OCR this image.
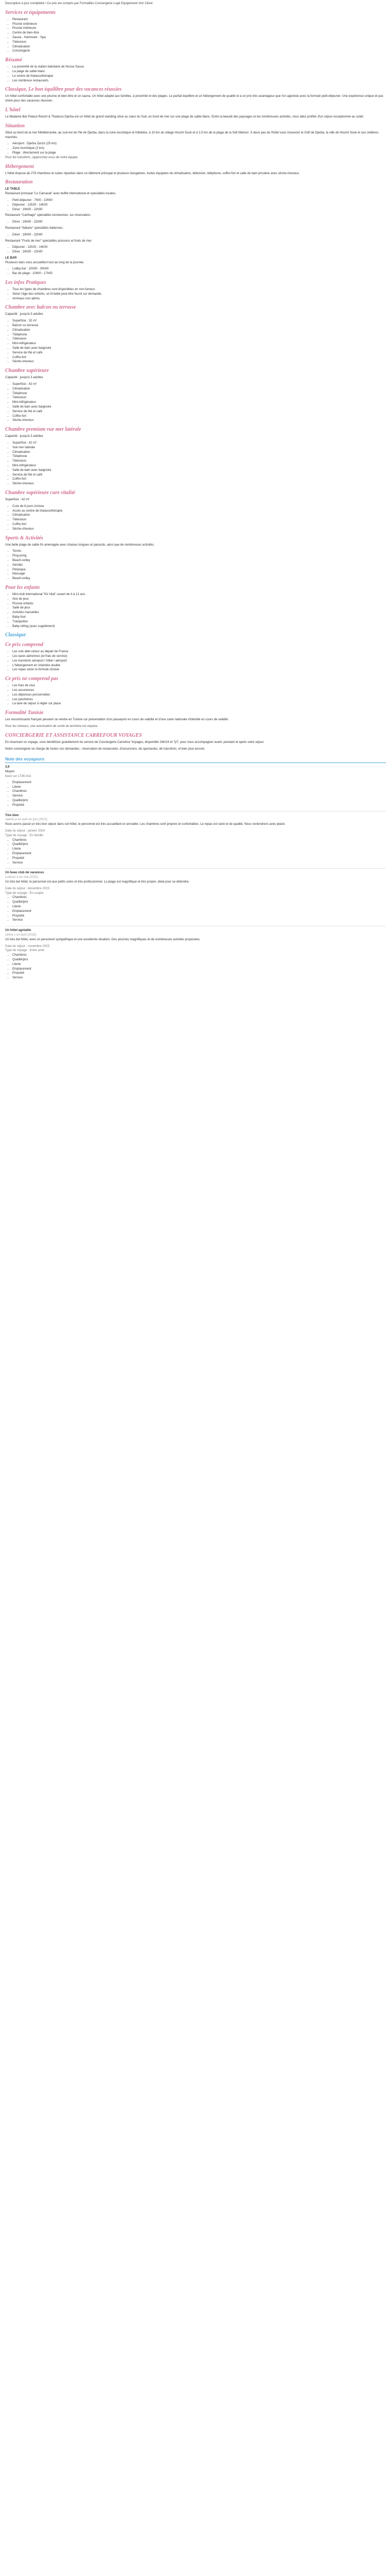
Description à jour complétée ! Ce prix est compris par Formalités Conciergerie Logé Equipement Voir Client
Services et équipements
• Restaurant
• Piscine extérieure
• Piscine intérieure
• Centre de bien-être
• Sauna - Hammam - Spa
• Télévision
• Climatisation
• Conciergerie
Résumé
• La proximité de la station balnéaire de Nosse Sassa
• La plage de sable blanc
• Le centre de thalassothérapie
• Les nombreux restaurants
Classique, Le bon équilibre pour des vacances réussies

Un hôtel confortable avec une piscine et bien-être et un sauna. Un hôtel adapté aux familles, à proximité et des plages. Le parfait équilibre et un hébergement de qualité et à un prix très avantageux que l'on apprécie avec la formule petit-déjeuner. Une expérience unique et pas chère pour des vacances réussies.

L'hôtel

Le Madame Bar Palace Resort & Thalasso Djerba est un hôtel de grand standing situé au cœur du Sud, en bord de mer sur une plage de sable blanc. Entre la beauté des paysages et les nombreuses activités, vous allez profiter d'un séjour exceptionnel au soleil.

Situation

Situé au bord de la mer Méditerranée, au sud-est de l'île de Djerba, dans la zone touristique et hôtelière, à 10 km du village Houmt Souk et à 2,5 km de la plage de la Sidi Mahrez. À deux pas de l'hôtel vous trouverez le Golf de Djerba, la ville de Houmt Souk et ses célèbres marchés.

• Aéroport : Djerba Zarzis (25 km)
• Zone touristique (2 km)
• Plage : directement sur la plage

Pour les transferts, rapprochez-vous de notre équipe.

Hébergement

L'hôtel dispose de 278 chambres et suites réparties dans un bâtiment principal et plusieurs bungalows, toutes équipées de climatisation, télévision, téléphone, coffre-fort et salle de bain privative avec sèche-cheveux.

Restauration
LE TABLE

Restaurant principal "Le Carnaval" avec buffet international et spécialités locales.

• Petit-déjeuner : 7h00 - 10h00
• Déjeuner : 12h30 - 14h30
• Dîner : 19h00 - 22h00

Restaurant "Carthage" spécialités tunisiennes, sur réservation.

• Dîner : 19h00 - 22h00

Restaurant "Italiano" spécialités italiennes.

• Dîner : 19h00 - 22h00

Restaurant "Fruits de mer" spécialités poissons et fruits de mer.

• Déjeuner : 12h30 - 14h30
• Dîner : 19h00 - 22h00
LE BAR

Plusieurs bars vous accueillent tout au long de la journée.

• Lobby bar : 10h00 - 00h00
• Bar de plage : 10h00 - 17h00
Les infos Pratiques
• Tous les types de chambres sont disponibles en non-fumeur.
• Selon l'âge des enfants, un lit bébé peut être fourni sur demande.
• Animaux non admis.
Chambre avec balcon ou terrasse

Capacité : jusqu'à 3 adultes

• Superficie : 32 m²
• Balcon ou terrasse
• Climatisation
• Téléphone
• Télévision
• Mini-réfrigérateur
• Salle de bain avec baignoire
• Service de thé et café
• Coffre-fort
• Sèche-cheveux
Chambre supérieure

Capacité : jusqu'à 3 adultes

• Superficie : 42 m²
• Climatisation
• Téléphone
• Télévision
• Mini-réfrigérateur
• Salle de bain avec baignoire
• Service de thé et café
• Coffre-fort
• Sèche-cheveux
Chambre premium vue mer latérale

Capacité : jusqu'à 3 adultes

• Superficie : 42 m²
• Vue mer latérale
• Climatisation
• Téléphone
• Télévision
• Mini-réfrigérateur
• Salle de bain avec baignoire
• Service de thé et café
• Coffre-fort
• Sèche-cheveux
Chambre supérieure cure vitalité

Superficie : 42 m²

• Cure de 6 jours incluse
• Accès au centre de thalassothérapie
• Climatisation
• Télévision
• Coffre-fort
• Sèche-cheveux
Sports & Activités

Une belle plage de sable fin aménagée avec chaises longues et parasols, ainsi que de nombreuses activités.

• Tennis
• Ping-pong
• Beach-volley
• Aérobic
• Pétanque
• Massage
• Beach-volley
Pour les enfants
• Mini-club international "Kit Vital" ouvert de 4 à 12 ans
• Aire de jeux
• Piscine enfants
• Salle de jeux
• Activités manuelles
• Baby-foot
• Trampoline
• Baby-sitting (avec supplément)
Classique
Ce prix comprend
• Les vols aller-retour au départ de France
• Les taxes aériennes (et frais de service)
• Les transferts aéroport / hôtel / aéroport
• L'hébergement en chambre double
• Les repas selon la formule choisie
Ce prix ne comprend pas
• Les frais de visa
• Les assurances
• Les dépenses personnelles
• Les pourboires
• La taxe de séjour à régler sur place
Formalité Tunisie

Les ressortissants français peuvent se rendre en Tunisie sur présentation d'un passeport en cours de validité et d'une carte nationale d'identité en cours de validité.

Pour les mineurs, une autorisation de sortie du territoire est requise.

CONCIERGERIE ET ASSISTANCE CARREFOUR VOYAGES

En réservant ce voyage, vous bénéficiez gratuitement du service de Conciergerie Carrefour Voyages, disponible 24h/24 et 7j/7, pour vous accompagner avant, pendant et après votre séjour.

Notre conciergerie se charge de toutes vos demandes : réservation de restaurants, d'excursions, de spectacles, de transferts, et bien plus encore.

Note des voyageurs
3,9
Moyen
basé sur 1736 Avis
• Emplacement
• Literie
• Chambres
• Service
• Qualité/prix
• Propreté
Très bien
valerie p en avril en juin (2021)

Nous avons passé un très bon séjour dans cet hôtel, le personnel est très accueillant et serviable. Les chambres sont propres et confortables. Le repas est varié et de qualité. Nous reviendrons avec plaisir.

Date du séjour : janvier 2024
Type de voyage : En famille
• Chambres
• Qualité/prix
• Literie
• Emplacement
• Propreté
• Service
Un beau club de vacances
Ludovic e en mai (2021)

Un très bel hôtel, le personnel est aux petits soins et très professionnel. La plage est magnifique et très propre, idéal pour se détendre.

Date du séjour : décembre 2023
Type de voyage : En couple
• Chambres
• Qualité/prix
• Literie
• Emplacement
• Propreté
• Service
Un hôtel agréable
céline c en avril (2023)

Un très bel hôtel, avec un personnel sympathique et une excellente situation. Des piscines magnifiques et de nombreuses activités proposées.

Date du séjour : novembre 2023
Type de voyage : Entre amis
• Chambres
• Qualité/prix
• Literie
• Emplacement
• Propreté
• Service
